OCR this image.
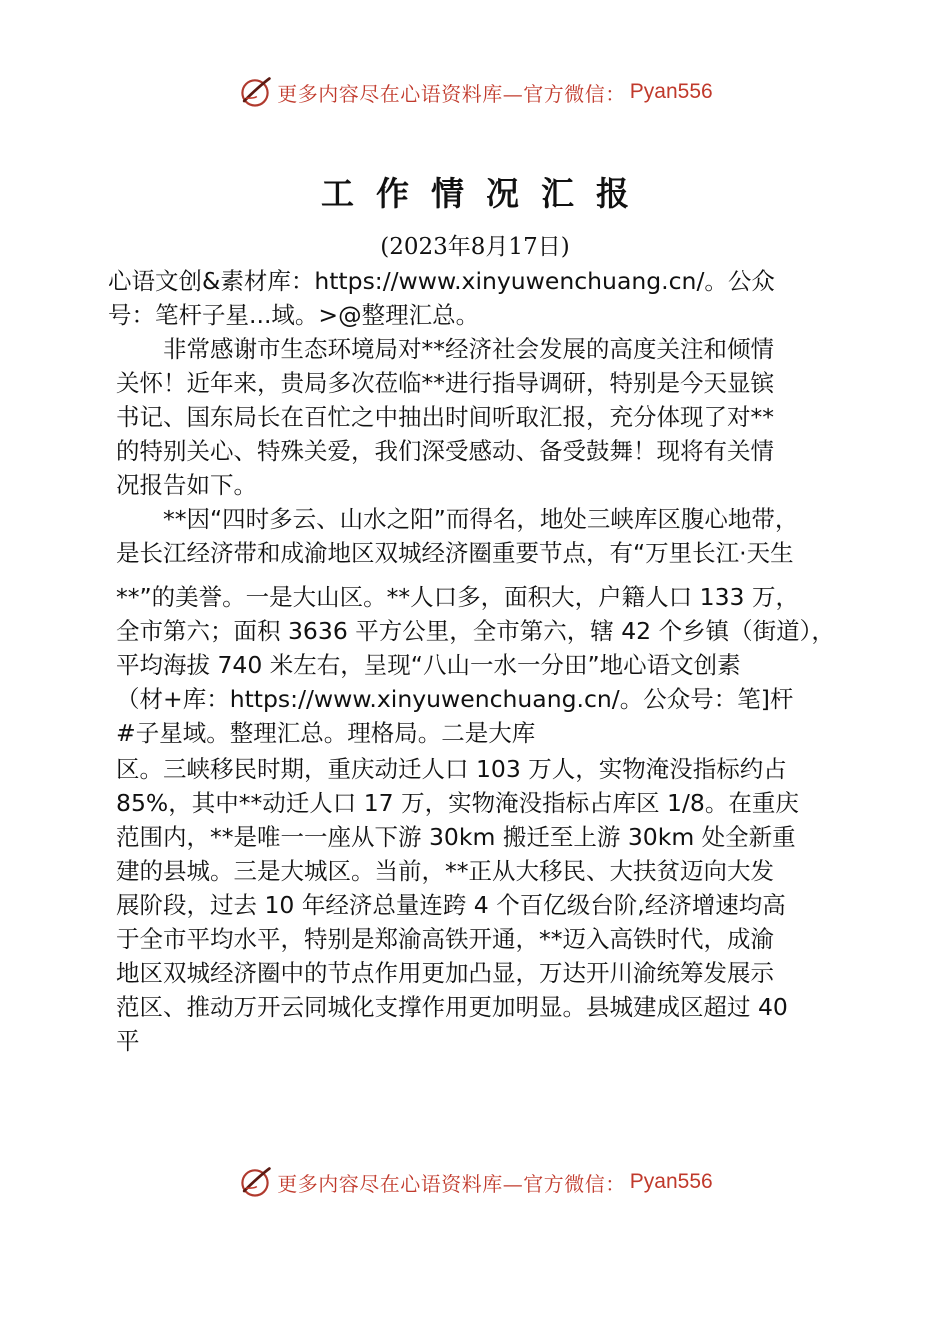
更多内容尽在心语资料库—官方微信： Pyan556
工作情况汇报
(2023年8月17日)
心语文创&素材库：https://www.xinyuwenchuang.cn/。公众
号：笔杆子星...域。>@整理汇总。
　　非常感谢市生态环境局对**经济社会发展的高度关注和倾情
关怀！近年来，贵局多次莅临**进行指导调研，特别是今天显镔
书记、国东局长在百忙之中抽出时间听取汇报，充分体现了对**
的特别关心、特殊关爱，我们深受感动、备受鼓舞！现将有关情
况报告如下。
　　**因“四时多云、山水之阳”而得名，地处三峡库区腹心地带，
是长江经济带和成渝地区双城经济圈重要节点，有“万里长江·天生
**”的美誉。一是大山区。**人口多，面积大，户籍人口 133 万，
全市第六；面积 3636 平方公里，全市第六，辖 42 个乡镇（街道），
平均海拔 740 米左右，呈现“八山一水一分田”地心语文创素
（材+库：https://www.xinyuwenchuang.cn/。公众号：笔]杆
#子星域。整理汇总。理格局。二是大库
区。三峡移民时期，重庆动迁人口 103 万人，实物淹没指标约占
85%，其中**动迁人口 17 万，实物淹没指标占库区 1/8。在重庆
范围内，**是唯一一座从下游 30km 搬迁至上游 30km 处全新重
建的县城。三是大城区。当前，**正从大移民、大扶贫迈向大发
展阶段，过去 10 年经济总量连跨 4 个百亿级台阶,经济增速均高
于全市平均水平，特别是郑渝高铁开通，**迈入高铁时代，成渝
地区双城经济圈中的节点作用更加凸显，万达开川渝统筹发展示
范区、推动万开云同城化支撑作用更加明显。县城建成区超过 40
平
更多内容尽在心语资料库—官方微信： Pyan556
